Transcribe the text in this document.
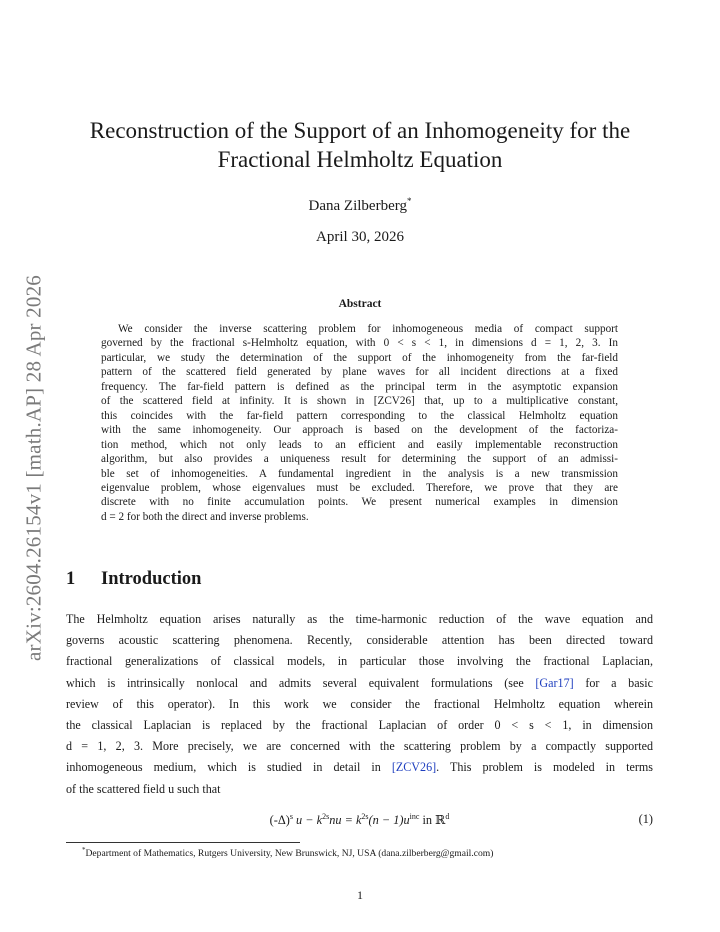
arXiv:2604.26154v1 [math.AP] 28 Apr 2026
Reconstruction of the Support of an Inhomogeneity for the
Fractional Helmholtz Equation
Dana Zilberberg*
April 30, 2026
Abstract

We consider the inverse scattering problem for inhomogeneous media of compact support
governed by the fractional s-Helmholtz equation, with 0 < s < 1, in dimensions d = 1, 2, 3. In
particular, we study the determination of the support of the inhomogeneity from the far-field
pattern of the scattered field generated by plane waves for all incident directions at a fixed
frequency. The far-field pattern is defined as the principal term in the asymptotic expansion
of the scattered field at infinity. It is shown in [ZCV26] that, up to a multiplicative constant,
this coincides with the far-field pattern corresponding to the classical Helmholtz equation
with the same inhomogeneity. Our approach is based on the development of the factoriza-
tion method, which not only leads to an efficient and easily implementable reconstruction
algorithm, but also provides a uniqueness result for determining the support of an admissi-
ble set of inhomogeneities. A fundamental ingredient in the analysis is a new transmission
eigenvalue problem, whose eigenvalues must be excluded. Therefore, we prove that they are
discrete with no finite accumulation points. We present numerical examples in dimension
d = 2 for both the direct and inverse problems.

1 Introduction

The Helmholtz equation arises naturally as the time-harmonic reduction of the wave equation and
governs acoustic scattering phenomena. Recently, considerable attention has been directed toward
fractional generalizations of classical models, in particular those involving the fractional Laplacian,
which is intrinsically nonlocal and admits several equivalent formulations (see [Gar17] for a basic
review of this operator). In this work we consider the fractional Helmholtz equation wherein
the classical Laplacian is replaced by the fractional Laplacian of order 0 < s < 1, in dimension
d = 1, 2, 3. More precisely, we are concerned with the scattering problem by a compactly supported
inhomogeneous medium, which is studied in detail in [ZCV26]. This problem is modeled in terms
of the scattered field u such that

$(-\Delta)^s$ $u - k^{2s}nu = k^{2s}(n - 1)u^{inc}$ in ℝ$^d$	(1)
*Department of Mathematics, Rutgers University, New Brunswick, NJ, USA (dana.zilberberg@gmail.com)
1
